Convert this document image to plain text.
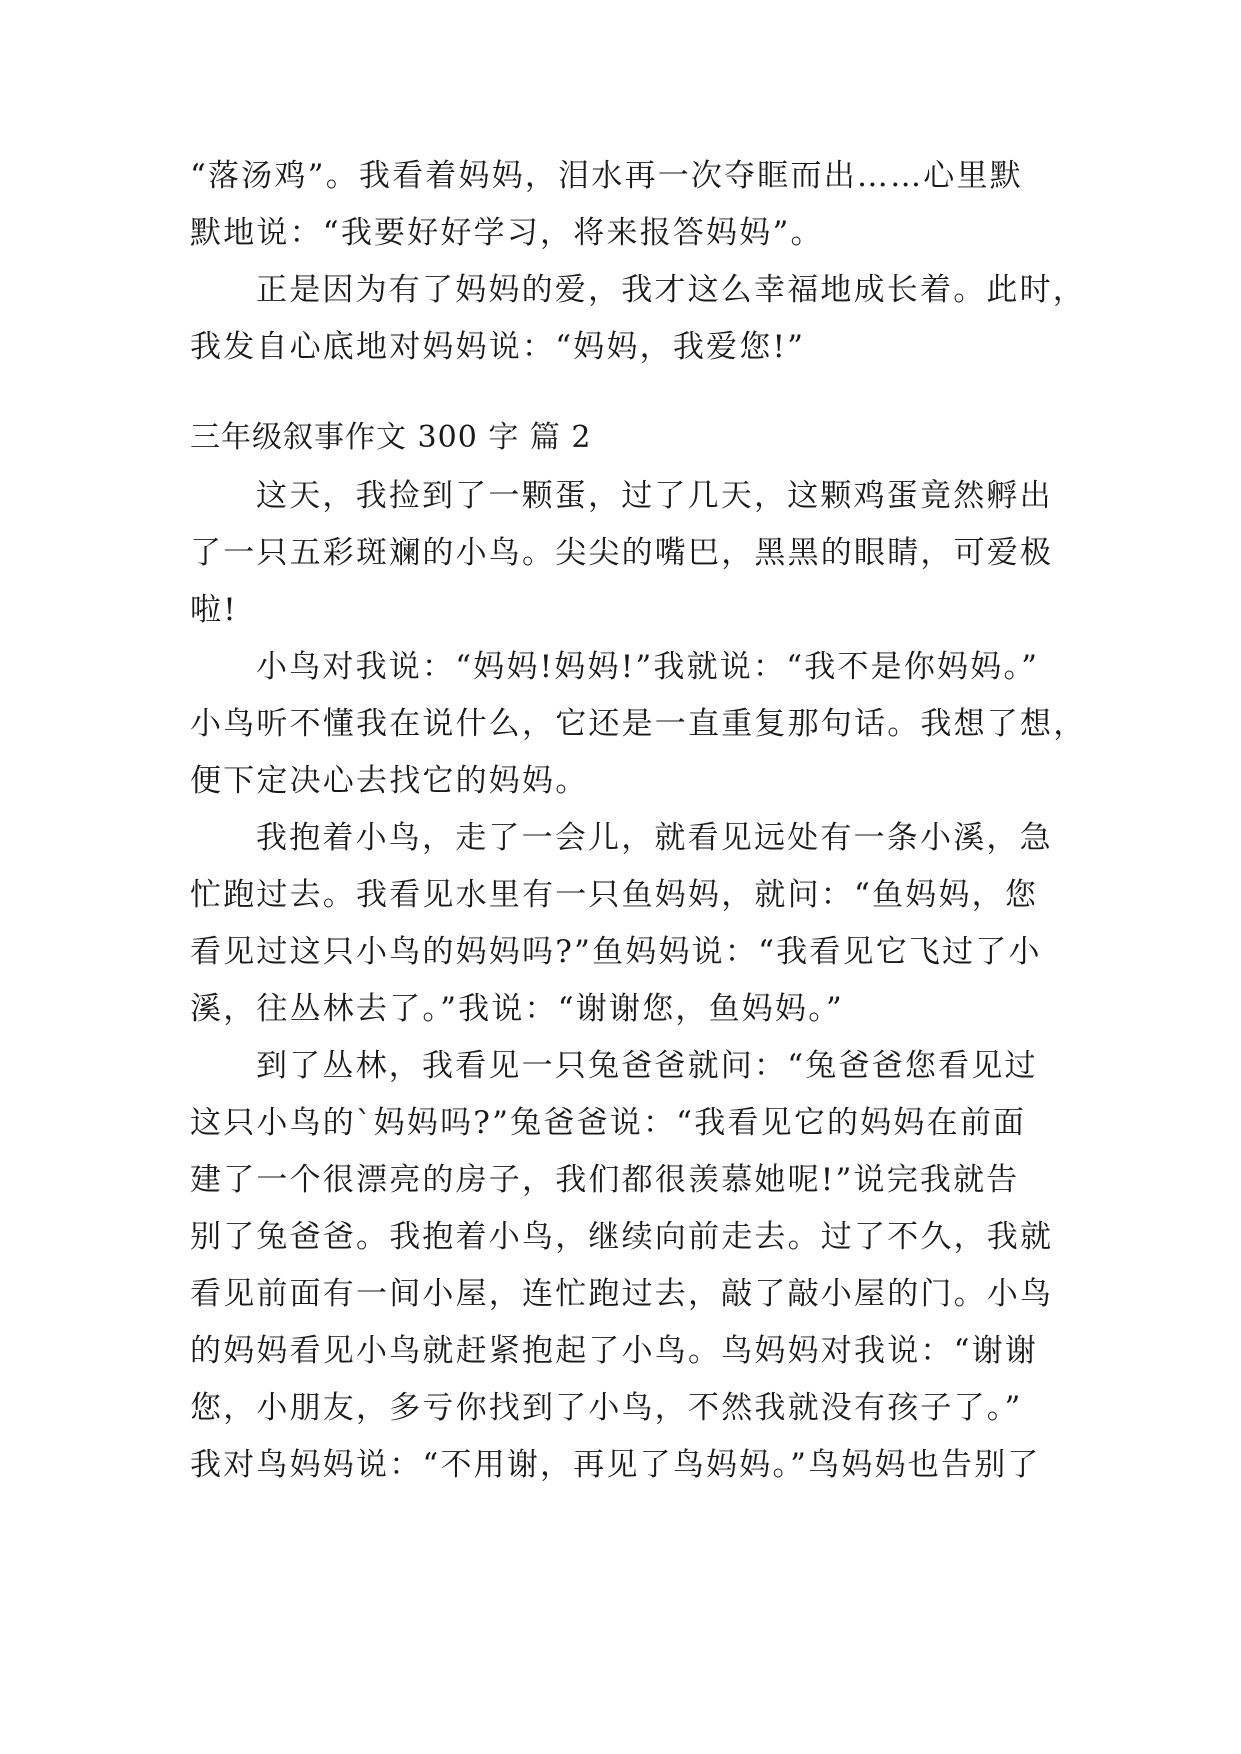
“落汤鸡”。我看着妈妈，泪水再一次夺眶而出……心里默
默地说：“我要好好学习，将来报答妈妈”。
正是因为有了妈妈的爱，我才这么幸福地成长着。此时，
我发自心底地对妈妈说：“妈妈，我爱您!”
三年级叙事作文 300 字 篇 2
这天，我捡到了一颗蛋，过了几天，这颗鸡蛋竟然孵出
了一只五彩斑斓的小鸟。尖尖的嘴巴，黑黑的眼睛，可爱极
啦!
小鸟对我说：“妈妈!妈妈!”我就说：“我不是你妈妈。”
小鸟听不懂我在说什么，它还是一直重复那句话。我想了想，
便下定决心去找它的妈妈。
我抱着小鸟，走了一会儿，就看见远处有一条小溪，急
忙跑过去。我看见水里有一只鱼妈妈，就问：“鱼妈妈，您
看见过这只小鸟的妈妈吗?”鱼妈妈说：“我看见它飞过了小
溪，往丛林去了。”我说：“谢谢您，鱼妈妈。”
到了丛林，我看见一只兔爸爸就问：“兔爸爸您看见过
这只小鸟的`妈妈吗?”兔爸爸说：“我看见它的妈妈在前面
建了一个很漂亮的房子，我们都很羡慕她呢!”说完我就告
别了兔爸爸。我抱着小鸟，继续向前走去。过了不久，我就
看见前面有一间小屋，连忙跑过去，敲了敲小屋的门。小鸟
的妈妈看见小鸟就赶紧抱起了小鸟。鸟妈妈对我说：“谢谢
您，小朋友，多亏你找到了小鸟，不然我就没有孩子了。”
我对鸟妈妈说：“不用谢，再见了鸟妈妈。”鸟妈妈也告别了
